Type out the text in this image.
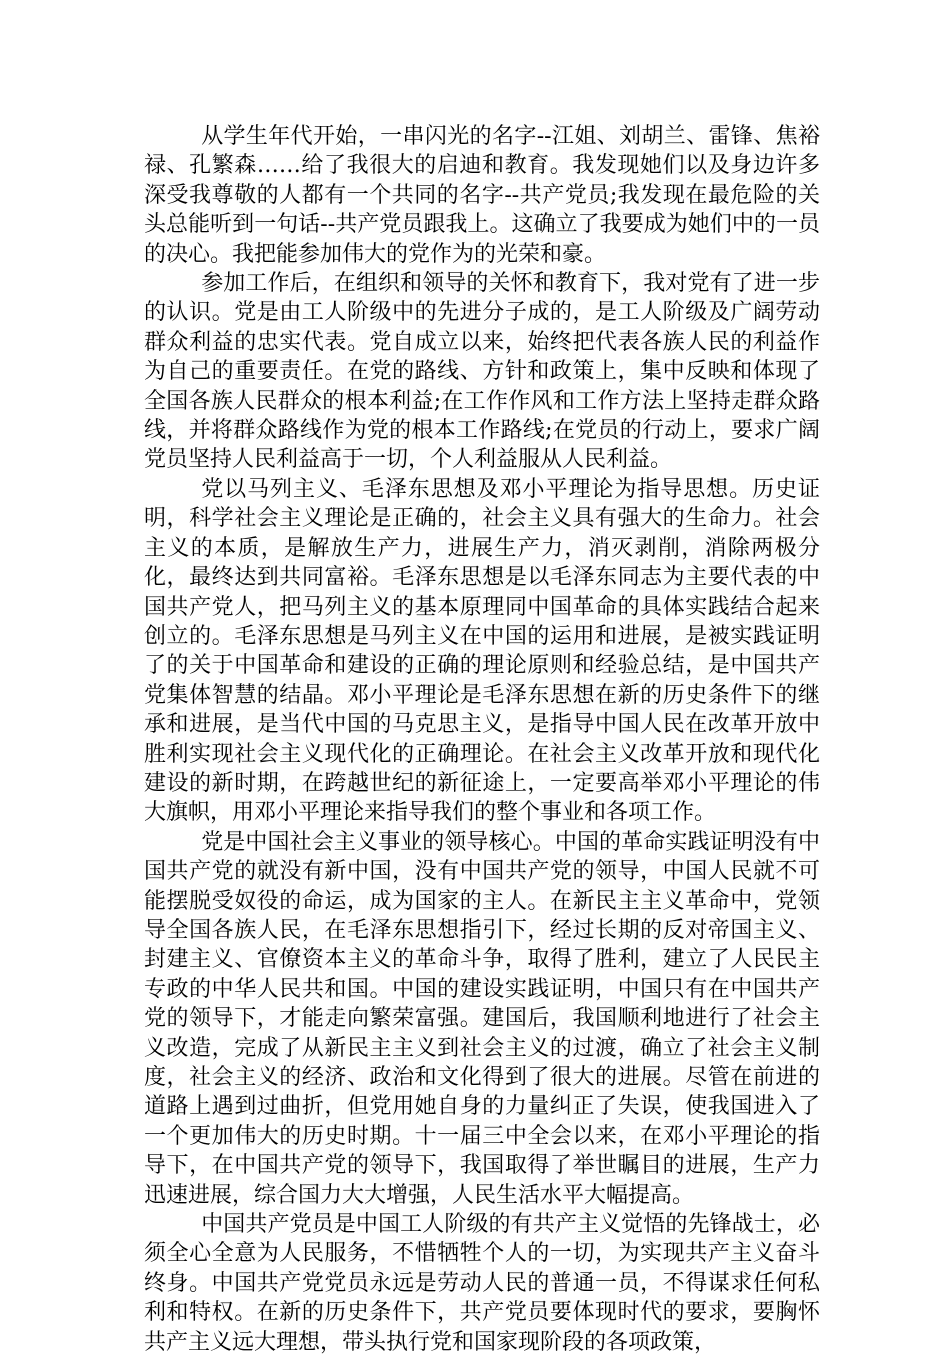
从学生年代开始，一串闪光的名字--江姐、刘胡兰、雷锋、焦裕禄、孔繁森……给了我很大的启迪和教育。我发现她们以及身边许多深受我尊敬的人都有一个共同的名字--共产党员;我发现在最危险的关头总能听到一句话--共产党员跟我上。这确立了我要成为她们中的一员的决心。我把能参加伟大的党作为的光荣和豪。

参加工作后，在组织和领导的关怀和教育下，我对党有了进一步的认识。党是由工人阶级中的先进分子成的，是工人阶级及广阔劳动群众利益的忠实代表。党自成立以来，始终把代表各族人民的利益作为自己的重要责任。在党的路线、方针和政策上，集中反映和体现了全国各族人民群众的根本利益;在工作作风和工作方法上坚持走群众路线，并将群众路线作为党的根本工作路线;在党员的行动上，要求广阔党员坚持人民利益高于一切，个人利益服从人民利益。

党以马列主义、毛泽东思想及邓小平理论为指导思想。历史证明，科学社会主义理论是正确的，社会主义具有强大的生命力。社会主义的本质，是解放生产力，进展生产力，消灭剥削，消除两极分化，最终达到共同富裕。毛泽东思想是以毛泽东同志为主要代表的中国共产党人，把马列主义的基本原理同中国革命的具体实践结合起来创立的。毛泽东思想是马列主义在中国的运用和进展，是被实践证明了的关于中国革命和建设的正确的理论原则和经验总结，是中国共产党集体智慧的结晶。邓小平理论是毛泽东思想在新的历史条件下的继承和进展，是当代中国的马克思主义，是指导中国人民在改革开放中胜利实现社会主义现代化的正确理论。在社会主义改革开放和现代化建设的新时期，在跨越世纪的新征途上，一定要高举邓小平理论的伟大旗帜，用邓小平理论来指导我们的整个事业和各项工作。

党是中国社会主义事业的领导核心。中国的革命实践证明没有中国共产党的就没有新中国，没有中国共产党的领导，中国人民就不可能摆脱受奴役的命运，成为国家的主人。在新民主主义革命中，党领导全国各族人民，在毛泽东思想指引下，经过长期的反对帝国主义、封建主义、官僚资本主义的革命斗争，取得了胜利，建立了人民民主专政的中华人民共和国。中国的建设实践证明，中国只有在中国共产党的领导下，才能走向繁荣富强。建国后，我国顺利地进行了社会主义改造，完成了从新民主主义到社会主义的过渡，确立了社会主义制度，社会主义的经济、政治和文化得到了很大的进展。尽管在前进的道路上遇到过曲折，但党用她自身的力量纠正了失误，使我国进入了一个更加伟大的历史时期。十一届三中全会以来，在邓小平理论的指导下，在中国共产党的领导下，我国取得了举世瞩目的进展，生产力迅速进展，综合国力大大增强，人民生活水平大幅提高。

中国共产党员是中国工人阶级的有共产主义觉悟的先锋战士，必须全心全意为人民服务，不惜牺牲个人的一切，为实现共产主义奋斗终身。中国共产党党员永远是劳动人民的普通一员，不得谋求任何私利和特权。在新的历史条件下，共产党员要体现时代的要求，要胸怀共产主义远大理想，带头执行党和国家现阶段的各项政策，
